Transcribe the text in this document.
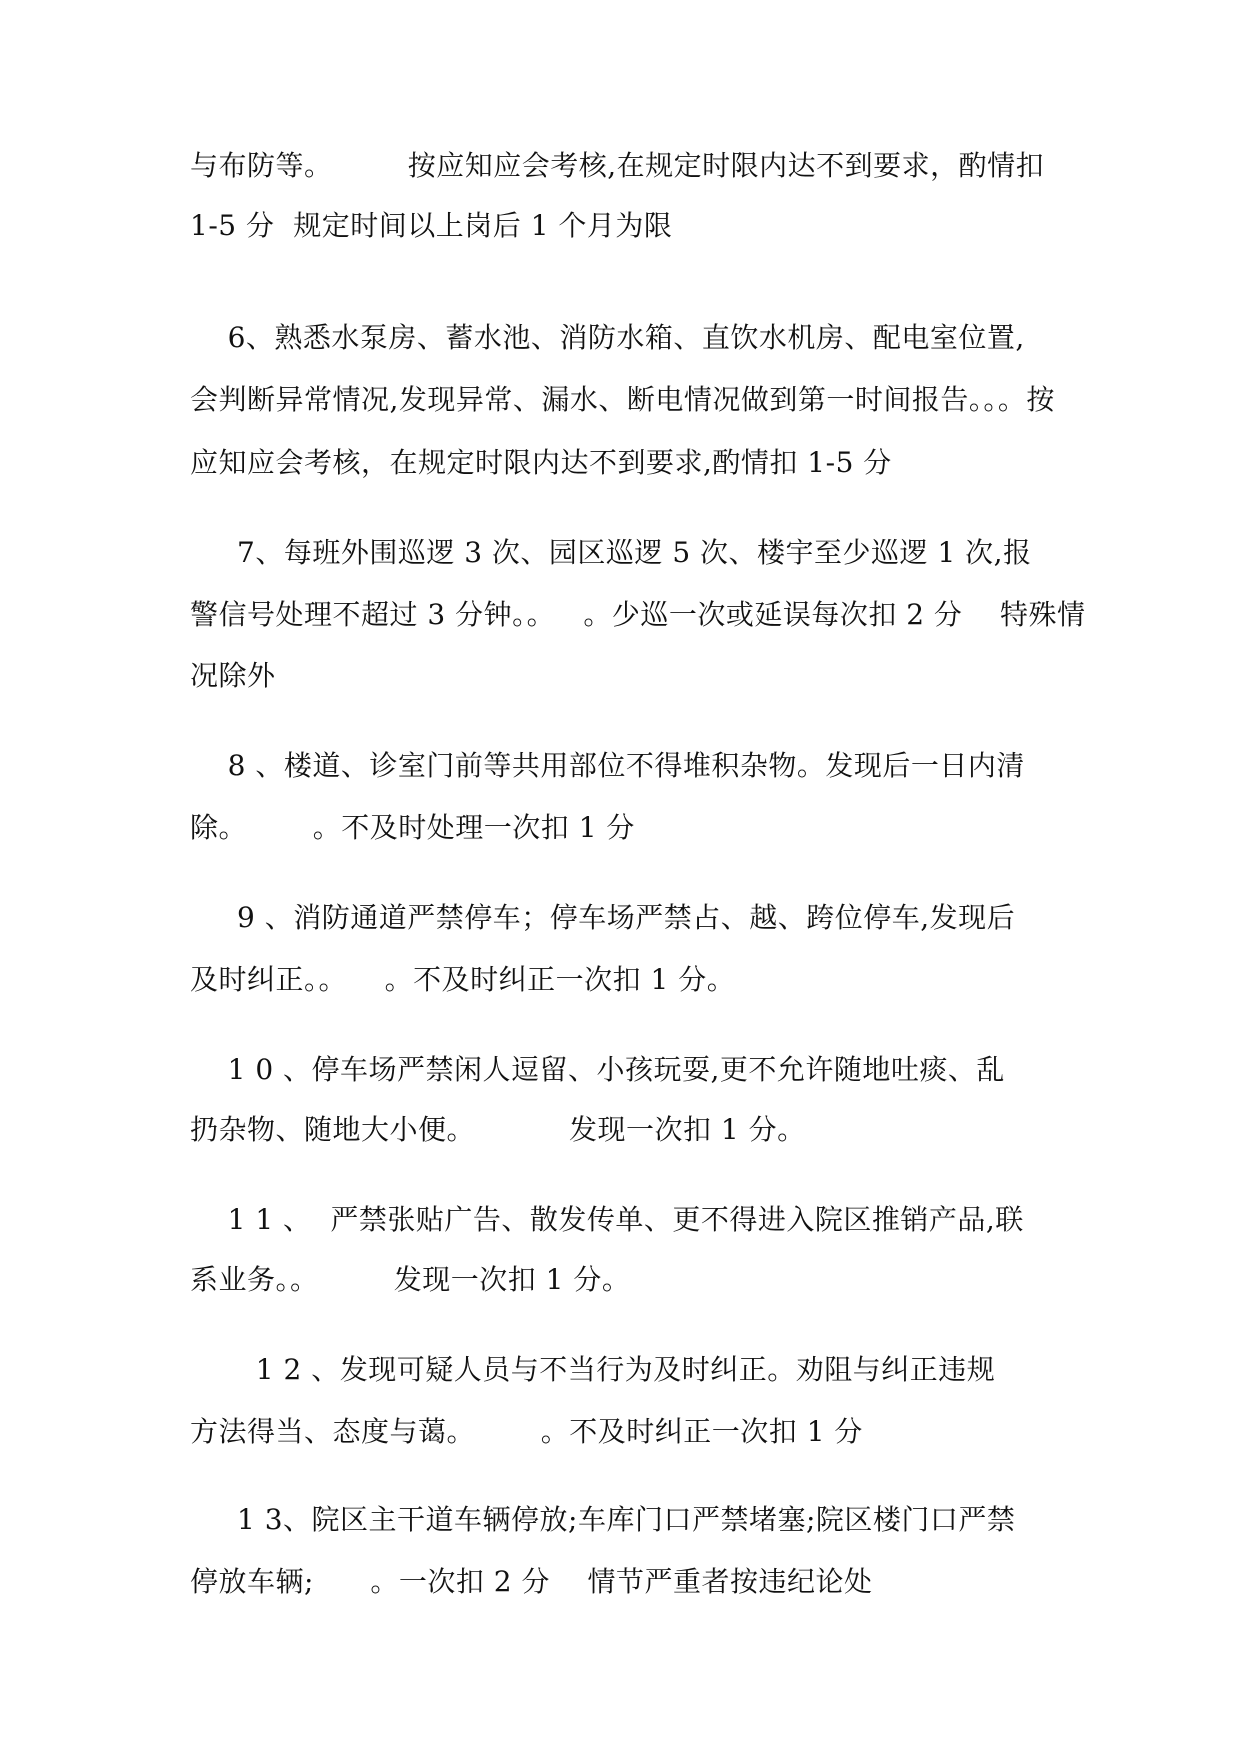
与布防等。        按应知应会考核,在规定时限内达不到要求，酌情扣
1-5 分  规定时间以上岗后 1 个月为限
6、熟悉水泵房、蓄水池、消防水箱、直饮水机房、配电室位置,
会判断异常情况,发现异常、漏水、断电情况做到第一时间报告。。。按
应知应会考核，在规定时限内达不到要求,酌情扣 1-5 分
7、每班外围巡逻 3 次、园区巡逻 5 次、楼宇至少巡逻 1 次,报
警信号处理不超过 3 分钟。。   。少巡一次或延误每次扣 2 分    特殊情
况除外
8 、楼道、诊室门前等共用部位不得堆积杂物。发现后一日内清
除。       。不及时处理一次扣 1 分
9 、消防通道严禁停车；停车场严禁占、越、跨位停车,发现后
及时纠正。。    。不及时纠正一次扣 1 分。
1 0 、停车场严禁闲人逗留、小孩玩耍,更不允许随地吐痰、乱
扔杂物、随地大小便。          发现一次扣 1 分。
1 1 、  严禁张贴广告、散发传单、更不得进入院区推销产品,联
系业务。。        发现一次扣 1 分。
1 2 、发现可疑人员与不当行为及时纠正。劝阻与纠正违规
方法得当、态度与蔼。       。不及时纠正一次扣 1 分
1 3、院区主干道车辆停放;车库门口严禁堵塞;院区楼门口严禁
停放车辆;      。一次扣 2 分    情节严重者按违纪论处
